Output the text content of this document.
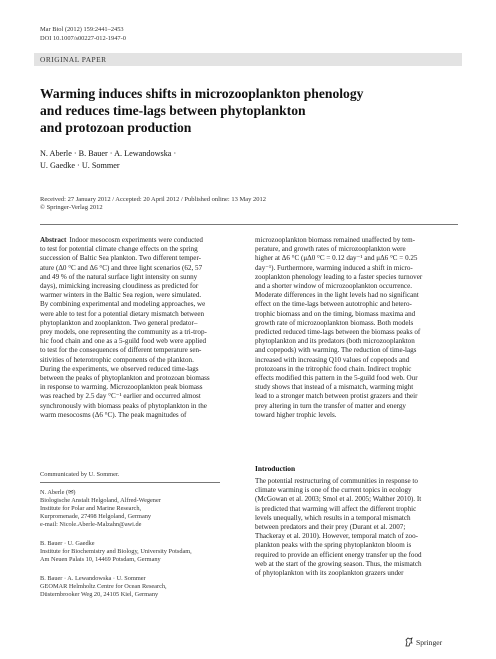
Mar Biol (2012) 159:2441–2453
DOI 10.1007/s00227-012-1947-0
ORIGINAL PAPER
Warming induces shifts in microzooplankton phenology
and reduces time-lags between phytoplankton
and protozoan production
N. Aberle · B. Bauer · A. Lewandowska ·
U. Gaedke · U. Sommer
Received: 27 January 2012 / Accepted: 20 April 2012 / Published online: 13 May 2012
© Springer-Verlag 2012
Abstract Indoor mesocosm experiments were conducted
to test for potential climate change effects on the spring
succession of Baltic Sea plankton. Two different temper-
ature (Δ0 °C and Δ6 °C) and three light scenarios (62, 57
and 49 % of the natural surface light intensity on sunny
days), mimicking increasing cloudiness as predicted for
warmer winters in the Baltic Sea region, were simulated.
By combining experimental and modeling approaches, we
were able to test for a potential dietary mismatch between
phytoplankton and zooplankton. Two general predator–
prey models, one representing the community as a tri-trop-
hic food chain and one as a 5-guild food web were applied
to test for the consequences of different temperature sen-
sitivities of heterotrophic components of the plankton.
During the experiments, we observed reduced time-lags
between the peaks of phytoplankton and protozoan biomass
in response to warming. Microzooplankton peak biomass
was reached by 2.5 day °C⁻¹ earlier and occurred almost
synchronously with biomass peaks of phytoplankton in the
warm mesocosms (Δ6 °C). The peak magnitudes of
microzooplankton biomass remained unaffected by tem-
perature, and growth rates of microzooplankton were
higher at Δ6 °C (μΔ0 °C = 0.12 day⁻¹ and μΔ6 °C = 0.25
day⁻¹). Furthermore, warming induced a shift in micro-
zooplankton phenology leading to a faster species turnover
and a shorter window of microzooplankton occurrence.
Moderate differences in the light levels had no significant
effect on the time-lags between autotrophic and hetero-
trophic biomass and on the timing, biomass maxima and
growth rate of microzooplankton biomass. Both models
predicted reduced time-lags between the biomass peaks of
phytoplankton and its predators (both microzooplankton
and copepods) with warming. The reduction of time-lags
increased with increasing Q10 values of copepods and
protozoans in the tritrophic food chain. Indirect trophic
effects modified this pattern in the 5-guild food web. Our
study shows that instead of a mismatch, warming might
lead to a stronger match between protist grazers and their
prey altering in turn the transfer of matter and energy
toward higher trophic levels.
Communicated by U. Sommer.
N. Aberle (✉)
Biologische Anstalt Helgoland, Alfred-Wegener
Institute for Polar and Marine Research,
Kurpromenade, 27498 Helgoland, Germany
e-mail: Nicole.Aberle-Malzahn@awi.de
B. Bauer · U. Gaedke
Institute for Biochemistry and Biology, University Potsdam,
Am Neuen Palais 10, 14469 Potsdam, Germany
B. Bauer · A. Lewandowska · U. Sommer
GEOMAR Helmholtz Centre for Ocean Research,
Düsternbrooker Weg 20, 24105 Kiel, Germany
Introduction
The potential restructuring of communities in response to
climate warming is one of the current topics in ecology
(McGowan et al. 2003; Smol et al. 2005; Walther 2010). It
is predicted that warming will affect the different trophic
levels unequally, which results in a temporal mismatch
between predators and their prey (Durant et al. 2007;
Thackeray et al. 2010). However, temporal match of zoo-
plankton peaks with the spring phytoplankton bloom is
required to provide an efficient energy transfer up the food
web at the start of the growing season. Thus, the mismatch
of phytoplankton with its zooplankton grazers under
Springer
